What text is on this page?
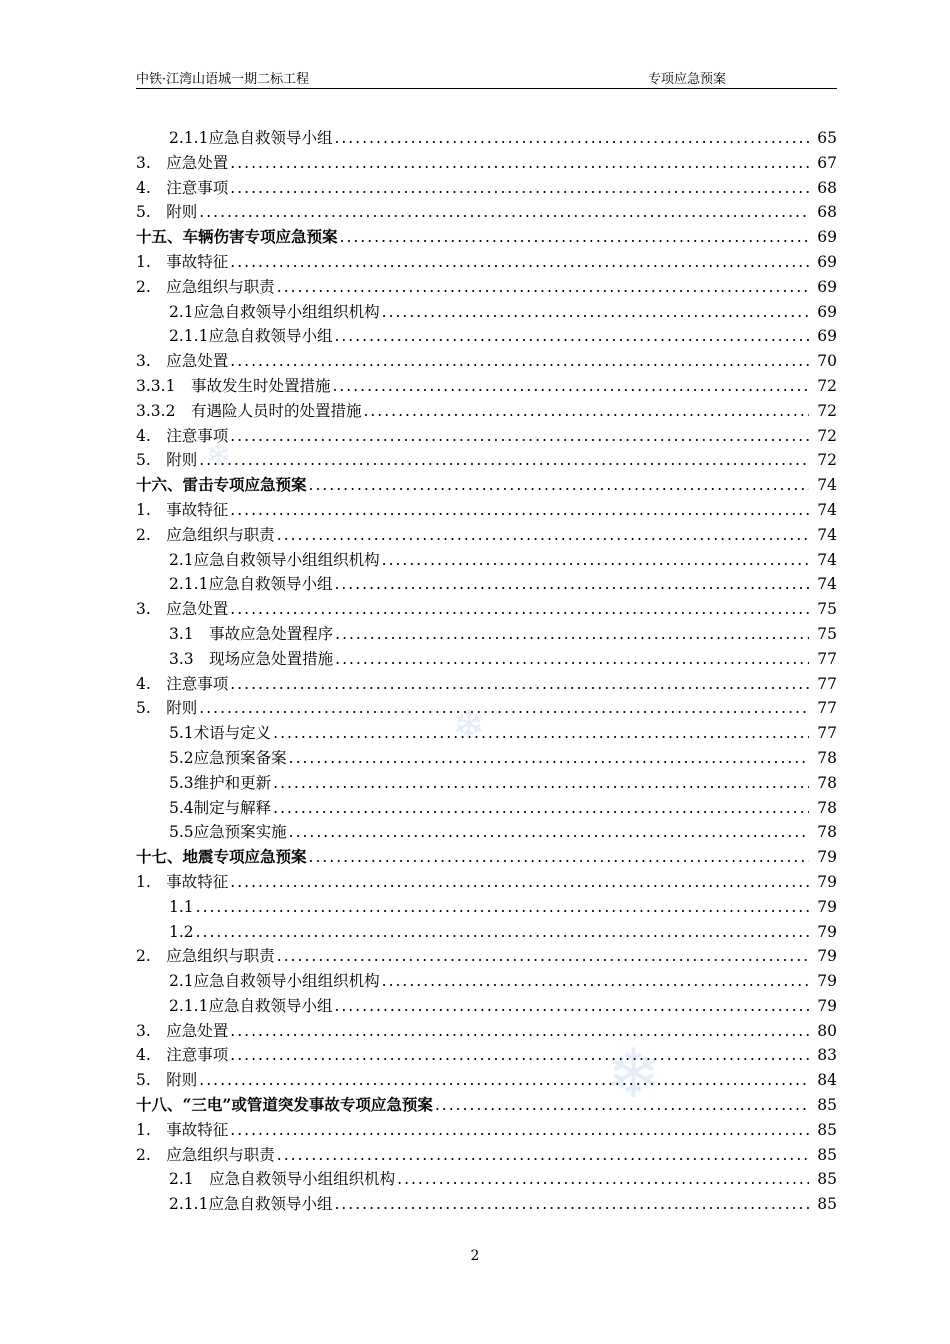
中铁·江湾山语城一期二标工程	专项应急预案
❄
❄
❄
2.1.1应急自救领导小组 .....	65
3.　应急处置 .....	67
4.　注意事项 .....	68
5.　附则 .....	68
十五、车辆伤害专项应急预案 .....	69
1.　事故特征 .....	69
2.　应急组织与职责 .....	69
2.1应急自救领导小组组织机构 .....	69
2.1.1应急自救领导小组 .....	69
3.　应急处置 .....	70
3.3.1　事故发生时处置措施 .....	72
3.3.2　有遇险人员时的处置措施 .....	72
4.　注意事项 .....	72
5.　附则 .....	72
十六、雷击专项应急预案 .....	74
1.　事故特征 .....	74
2.　应急组织与职责 .....	74
2.1应急自救领导小组组织机构 .....	74
2.1.1应急自救领导小组 .....	74
3.　应急处置 .....	75
3.1　事故应急处置程序 .....	75
3.3　现场应急处置措施 .....	77
4.　注意事项 .....	77
5.　附则 .....	77
5.1术语与定义 .....	77
5.2应急预案备案 .....	78
5.3维护和更新 .....	78
5.4制定与解释 .....	78
5.5应急预案实施 .....	78
十七、地震专项应急预案 .....	79
1.　事故特征 .....	79
1.1 .....	79
1.2 .....	79
2.　应急组织与职责 .....	79
2.1应急自救领导小组组织机构 .....	79
2.1.1应急自救领导小组 .....	79
3.　应急处置 .....	80
4.　注意事项 .....	83
5.　附则 .....	84
十八、“三电”或管道突发事故专项应急预案 .....	85
1.　事故特征 .....	85
2.　应急组织与职责 .....	85
2.1　应急自救领导小组组织机构 .....	85
2.1.1应急自救领导小组 .....	85
2
